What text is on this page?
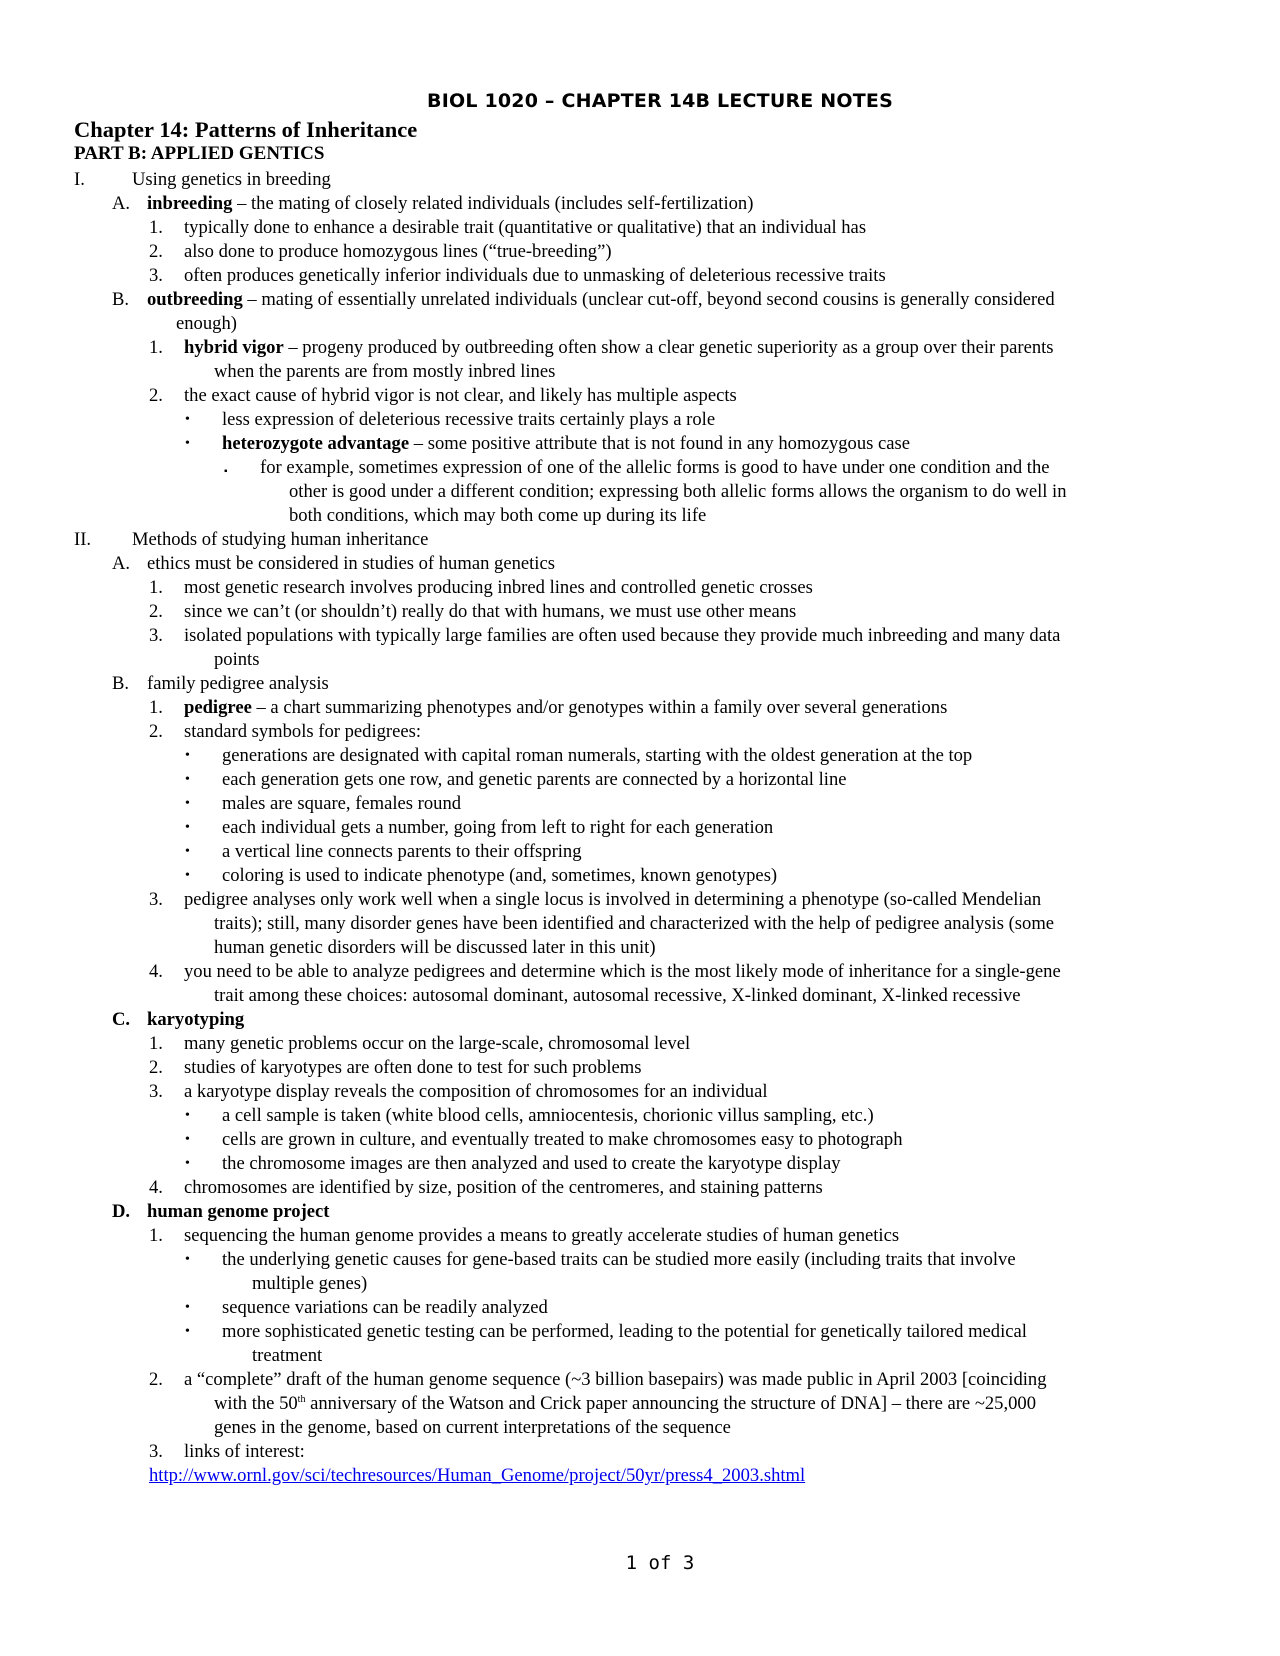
BIOL 1020 – CHAPTER 14B LECTURE NOTES
Chapter 14: Patterns of Inheritance
PART B: APPLIED GENTICS
I.	Using genetics in breeding
A. inbreeding – the mating of closely related individuals (includes self-fertilization)
1. typically done to enhance a desirable trait (quantitative or qualitative) that an individual has
2. also done to produce homozygous lines (“true-breeding”)
3. often produces genetically inferior individuals due to unmasking of deleterious recessive traits
B. outbreeding – mating of essentially unrelated individuals (unclear cut-off, beyond second cousins is generally considered
enough)
1. hybrid vigor – progeny produced by outbreeding often show a clear genetic superiority as a group over their parents
when the parents are from mostly inbred lines
2. the exact cause of hybrid vigor is not clear, and likely has multiple aspects
• less expression of deleterious recessive traits certainly plays a role
• heterozygote advantage – some positive attribute that is not found in any homozygous case
▪ for example, sometimes expression of one of the allelic forms is good to have under one condition and the
other is good under a different condition; expressing both allelic forms allows the organism to do well in
both conditions, which may both come up during its life
II. Methods of studying human inheritance
A. ethics must be considered in studies of human genetics
1. most genetic research involves producing inbred lines and controlled genetic crosses
2. since we can’t (or shouldn’t) really do that with humans, we must use other means
3. isolated populations with typically large families are often used because they provide much inbreeding and many data
points
B. family pedigree analysis
1. pedigree – a chart summarizing phenotypes and/or genotypes within a family over several generations
2. standard symbols for pedigrees:
• generations are designated with capital roman numerals, starting with the oldest generation at the top
• each generation gets one row, and genetic parents are connected by a horizontal line
• males are square, females round
• each individual gets a number, going from left to right for each generation
• a vertical line connects parents to their offspring
• coloring is used to indicate phenotype (and, sometimes, known genotypes)
3. pedigree analyses only work well when a single locus is involved in determining a phenotype (so-called Mendelian
traits); still, many disorder genes have been identified and characterized with the help of pedigree analysis (some
human genetic disorders will be discussed later in this unit)
4. you need to be able to analyze pedigrees and determine which is the most likely mode of inheritance for a single-gene
trait among these choices: autosomal dominant, autosomal recessive, X-linked dominant, X-linked recessive
C. karyotyping
1. many genetic problems occur on the large-scale, chromosomal level
2. studies of karyotypes are often done to test for such problems
3. a karyotype display reveals the composition of chromosomes for an individual
• a cell sample is taken (white blood cells, amniocentesis, chorionic villus sampling, etc.)
• cells are grown in culture, and eventually treated to make chromosomes easy to photograph
• the chromosome images are then analyzed and used to create the karyotype display
4. chromosomes are identified by size, position of the centromeres, and staining patterns
D. human genome project
1. sequencing the human genome provides a means to greatly accelerate studies of human genetics
• the underlying genetic causes for gene-based traits can be studied more easily (including traits that involve
multiple genes)
• sequence variations can be readily analyzed
• more sophisticated genetic testing can be performed, leading to the potential for genetically tailored medical
treatment
2. a “complete” draft of the human genome sequence (~3 billion basepairs) was made public in April 2003 [coinciding
with the 50th anniversary of the Watson and Crick paper announcing the structure of DNA] – there are ~25,000
genes in the genome, based on current interpretations of the sequence
3. links of interest:
http://www.ornl.gov/sci/techresources/Human_Genome/project/50yr/press4_2003.shtml
1 of 3
